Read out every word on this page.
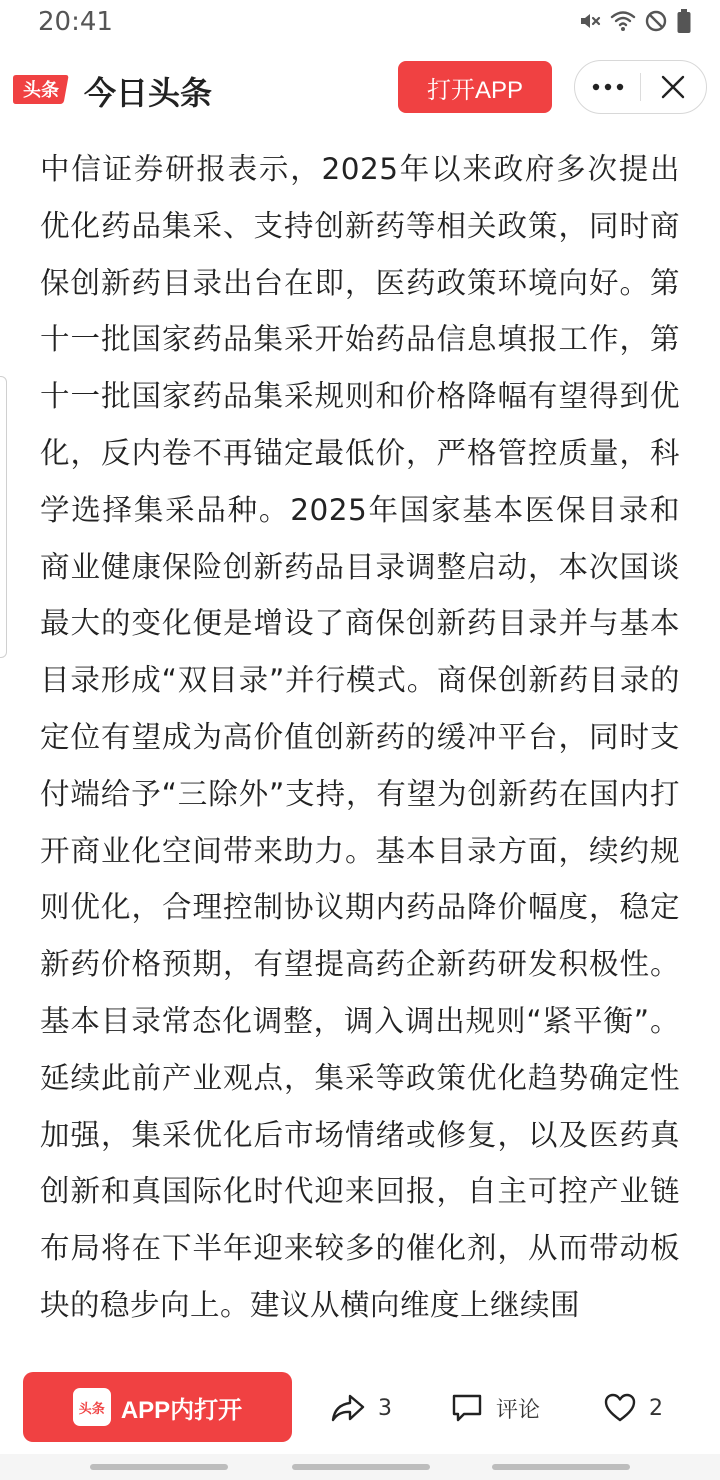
20:41
头条 今日头条	打开APP
中信证券研报表示，2025年以来政府多次提出优化药品集采、支持创新药等相关政策，同时商保创新药目录出台在即，医药政策环境向好。第十一批国家药品集采开始药品信息填报工作，第十一批国家药品集采规则和价格降幅有望得到优化，反内卷不再锚定最低价，严格管控质量，科学选择集采品种。2025年国家基本医保目录和商业健康保险创新药品目录调整启动，本次国谈最大的变化便是增设了商保创新药目录并与基本目录形成“双目录”并行模式。商保创新药目录的定位有望成为高价值创新药的缓冲平台，同时支付端给予“三除外”支持，有望为创新药在国内打开商业化空间带来助力。基本目录方面，续约规则优化，合理控制协议期内药品降价幅度，稳定新药价格预期，有望提高药企新药研发积极性。基本目录常态化调整，调入调出规则“紧平衡”。延续此前产业观点，集采等政策优化趋势确定性加强，集采优化后市场情绪或修复，以及医药真创新和真国际化时代迎来回报，自主可控产业链布局将在下半年迎来较多的催化剂，从而带动板块的稳步向上。建议从横向维度上继续围
头条 APP内打开	3	评论	2
